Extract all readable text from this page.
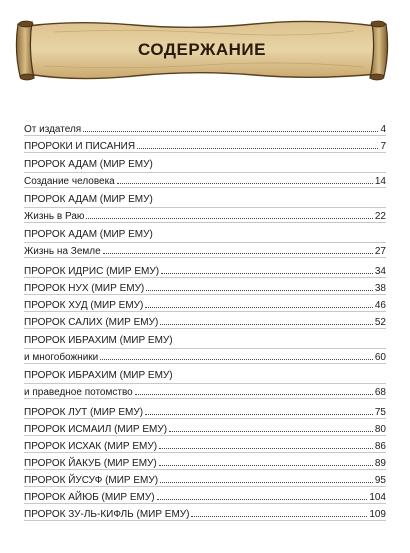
СОДЕРЖАНИЕ
От издателя	4
ПРОРОКИ И ПИСАНИЯ	7
ПРОРОК АДАМ (МИР ЕМУ)
Создание человека	14
ПРОРОК АДАМ (МИР ЕМУ)
Жизнь в Раю	22
ПРОРОК АДАМ (МИР ЕМУ)
Жизнь на Земле	27
ПРОРОК ИДРИС (МИР ЕМУ)	34
ПРОРОК НУХ (МИР ЕМУ)	38
ПРОРОК ХУД (МИР ЕМУ)	46
ПРОРОК САЛИХ (МИР ЕМУ)	52
ПРОРОК ИБРАХИМ (МИР ЕМУ)
и многобожники	60
ПРОРОК ИБРАХИМ (МИР ЕМУ)
и праведное потомство	68
ПРОРОК ЛУТ (МИР ЕМУ)	75
ПРОРОК ИСМАИЛ (МИР ЕМУ)	80
ПРОРОК ИСХАК (МИР ЕМУ)	86
ПРОРОК ЙАКУБ (МИР ЕМУ)	89
ПРОРОК ЙУСУФ (МИР ЕМУ)	95
ПРОРОК АЙЮБ (МИР ЕМУ)	104
ПРОРОК ЗУ-ЛЬ-КИФЛЬ (МИР ЕМУ)	109
